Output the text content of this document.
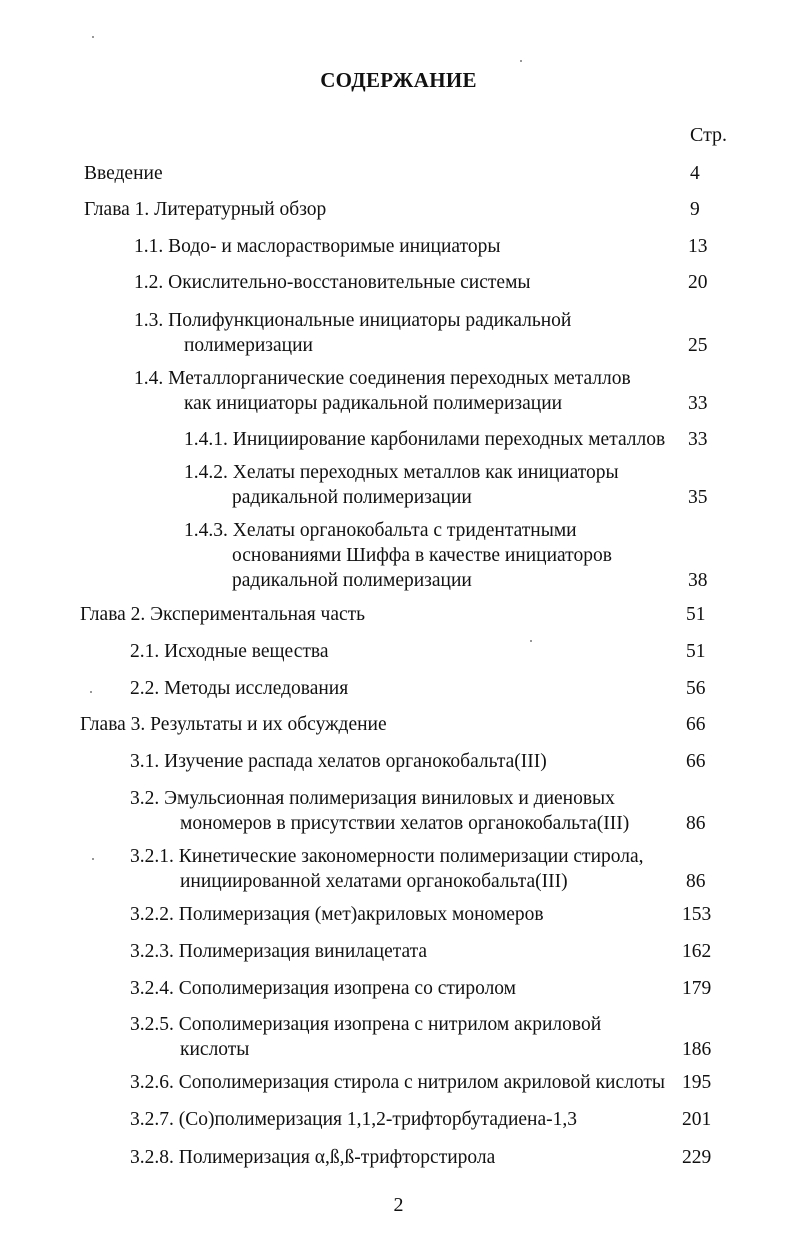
СОДЕРЖАНИЕ
Стр.
Введение	4
Глава 1. Литературный обзор	9
1.1. Водо- и маслорастворимые инициаторы	13
1.2. Окислительно-восстановительные системы	20
1.3. Полифункциональные инициаторы радикальной
полимеризации	25
1.4. Металлорганические соединения переходных металлов
как инициаторы радикальной полимеризации	33
1.4.1. Инициирование карбонилами переходных металлов 33
1.4.2. Хелаты переходных металлов как инициаторы
радикальной полимеризации	35
1.4.3. Хелаты органокобальта с тридентатными
основаниями Шиффа в качестве инициаторов
радикальной полимеризации	38
Глава 2. Экспериментальная часть	51
2.1. Исходные вещества	51
2.2. Методы исследования	56
Глава 3. Результаты и их обсуждение	66
3.1. Изучение распада хелатов органокобальта(III)	66
3.2. Эмульсионная полимеризация виниловых и диеновых
мономеров в присутствии хелатов органокобальта(III)	86
3.2.1. Кинетические закономерности полимеризации стирола,
инициированной хелатами органокобальта(III)	86
3.2.2. Полимеризация (мет)акриловых мономеров	153
3.2.3. Полимеризация винилацетата	162
3.2.4. Сополимеризация изопрена со стиролом	179
3.2.5. Сополимеризация изопрена с нитрилом акриловой
кислоты	186
3.2.6. Сополимеризация стирола с нитрилом акриловой кислоты 195
3.2.7. (Со)полимеризация 1,1,2-трифторбутадиена-1,3	201
3.2.8. Полимеризация α,ß,ß-трифторстирола	229
2
